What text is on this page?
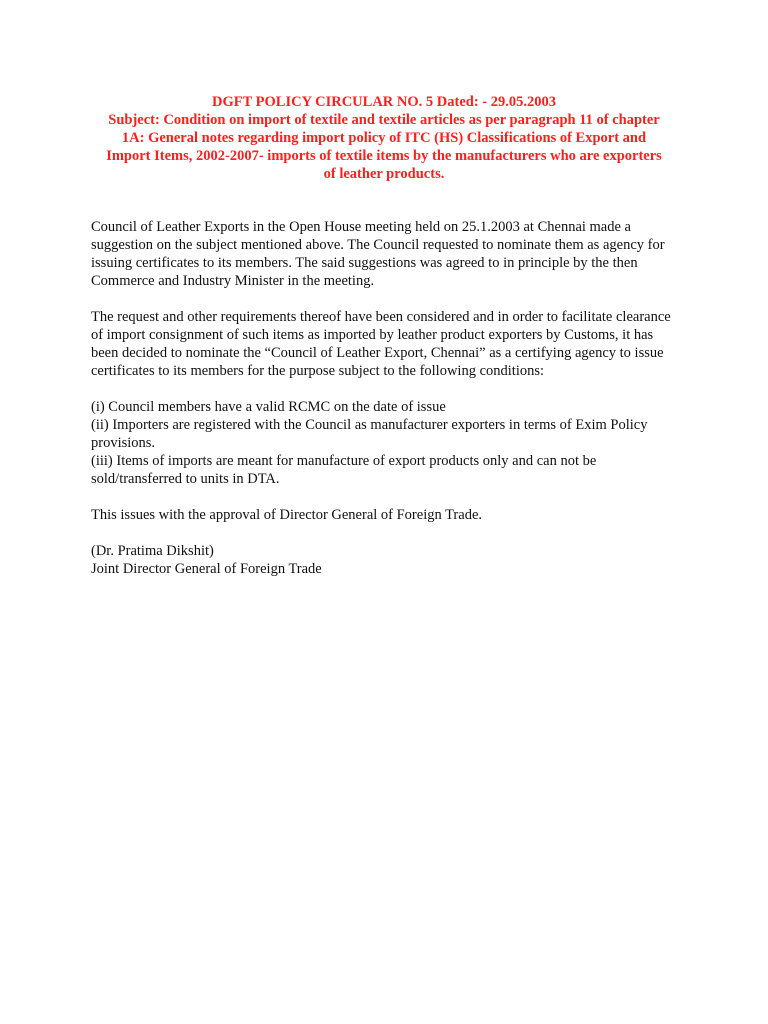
DGFT POLICY CIRCULAR NO. 5 Dated: - 29.05.2003
Subject: Condition on import of textile and textile articles as per paragraph 11 of chapter
1A: General notes regarding import policy of ITC (HS) Classifications of Export and
Import Items, 2002-2007- imports of textile items by the manufacturers who are exporters
of leather products.

Council of Leather Exports in the Open House meeting held on 25.1.2003 at Chennai made a suggestion on the subject mentioned above. The Council requested to nominate them as agency for issuing certificates to its members. The said suggestions was agreed to in principle by the then Commerce and Industry Minister in the meeting.

The request and other requirements thereof have been considered and in order to facilitate clearance of import consignment of such items as imported by leather product exporters by Customs, it has been decided to nominate the “Council of Leather Export, Chennai” as a certifying agency to issue certificates to its members for the purpose subject to the following conditions:

(i) Council members have a valid RCMC on the date of issue

(ii) Importers are registered with the Council as manufacturer exporters in terms of Exim Policy provisions.

(iii) Items of imports are meant for manufacture of export products only and can not be sold/transferred to units in DTA.

This issues with the approval of Director General of Foreign Trade.

(Dr. Pratima Dikshit)

Joint Director General of Foreign Trade
